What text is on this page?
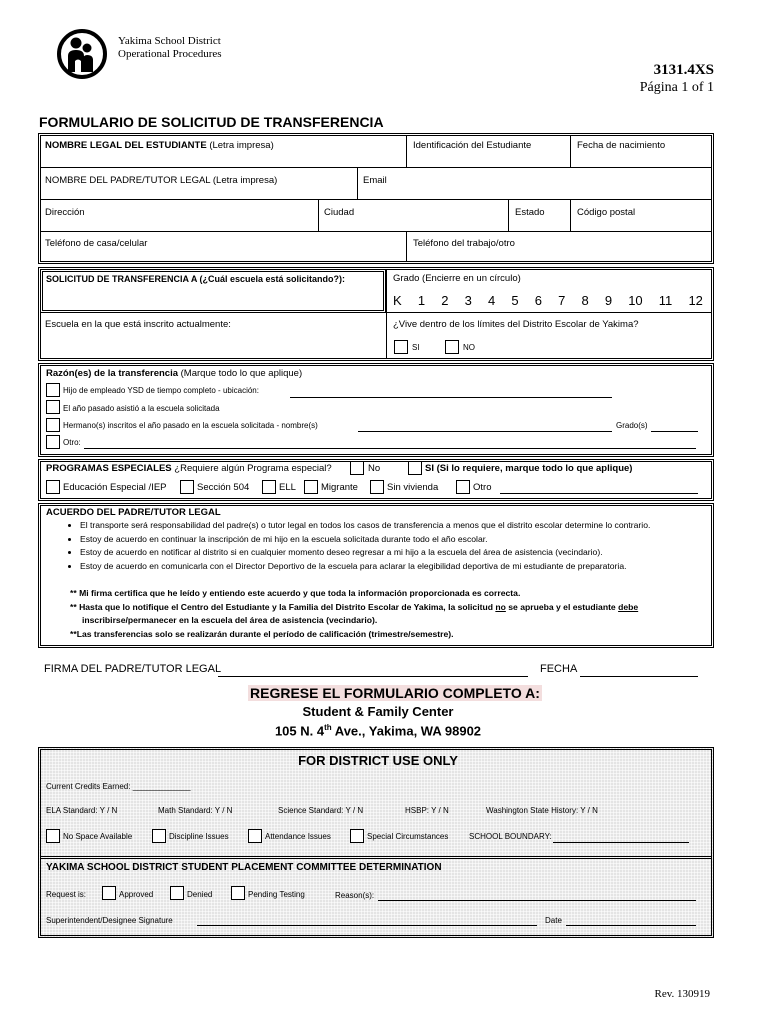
Yakima School District
Operational Procedures
3131.4XS
Página 1 of 1
FORMULARIO DE SOLICITUD DE TRANSFERENCIA
NOMBRE LEGAL DEL ESTUDIANTE (Letra impresa)	Identificación del Estudiante	Fecha de nacimiento
NOMBRE DEL PADRE/TUTOR LEGAL (Letra impresa)	Email
Dirección	Ciudad	Estado	Código postal
Teléfono de casa/celular	Teléfono del trabajo/otro
SOLICITUD DE TRANSFERENCIA A (¿Cuál escuela está solicitando?):	Grado (Encierre en un círculo)
K 1 2 3 4 5 6 7 8 9 10 11 12
Escuela en la que está inscrito actualmente:	¿Vive dentro de los límites del Distrito Escolar de Yakima?
SI	NO
Razón(es) de la transferencia (Marque todo lo que aplique)
Hijo de empleado YSD de tiempo completo - ubicación:
El año pasado asistió a la escuela solicitada
Hermano(s) inscritos el año pasado en la escuela solicitada - nombre(s)	Grado(s)
Otro:
PROGRAMAS ESPECIALES ¿Requiere algún Programa especial?	No	SI (Si lo requiere, marque todo lo que aplique)
Educación Especial /IEP	Sección 504	ELL	Migrante	Sin vivienda	Otro
ACUERDO DEL PADRE/TUTOR LEGAL
• El transporte será responsabilidad del padre(s) o tutor legal en todos los casos de transferencia a menos que el distrito escolar determine lo contrario.
• Estoy de acuerdo en continuar la inscripción de mi hijo en la escuela solicitada durante todo el año escolar.
• Estoy de acuerdo en notificar al distrito si en cualquier momento deseo regresar a mi hijo a la escuela del área de asistencia (vecindario).
• Estoy de acuerdo en comunicarla con el Director Deportivo de la escuela para aclarar la elegibilidad deportiva de mi estudiante de preparatoria.
** Mi firma certifica que he leído y entiendo este acuerdo y que toda la información proporcionada es correcta.
** Hasta que lo notifique el Centro del Estudiante y la Familia del Distrito Escolar de Yakima, la solicitud no se aprueba y el estudiante debe
inscribirse/permanecer en la escuela del área de asistencia (vecindario).
**Las transferencias solo se realizarán durante el período de calificación (trimestre/semestre).
FIRMA DEL PADRE/TUTOR LEGAL	FECHA
REGRESE EL FORMULARIO COMPLETO A:
Student & Family Center
105 N. 4th Ave., Yakima, WA 98902
FOR DISTRICT USE ONLY
Current Credits Earned: _____________
ELA Standard: Y / N	Math Standard: Y / N	Science Standard: Y / N	HSBP: Y / N	Washington State History: Y / N
No Space Available	Discipline Issues	Attendance Issues	Special Circumstances	SCHOOL BOUNDARY:
YAKIMA SCHOOL DISTRICT STUDENT PLACEMENT COMMITTEE DETERMINATION
Request is:	Approved	Denied	Pending Testing	Reason(s):
Superintendent/Designee Signature	Date
Rev. 130919
